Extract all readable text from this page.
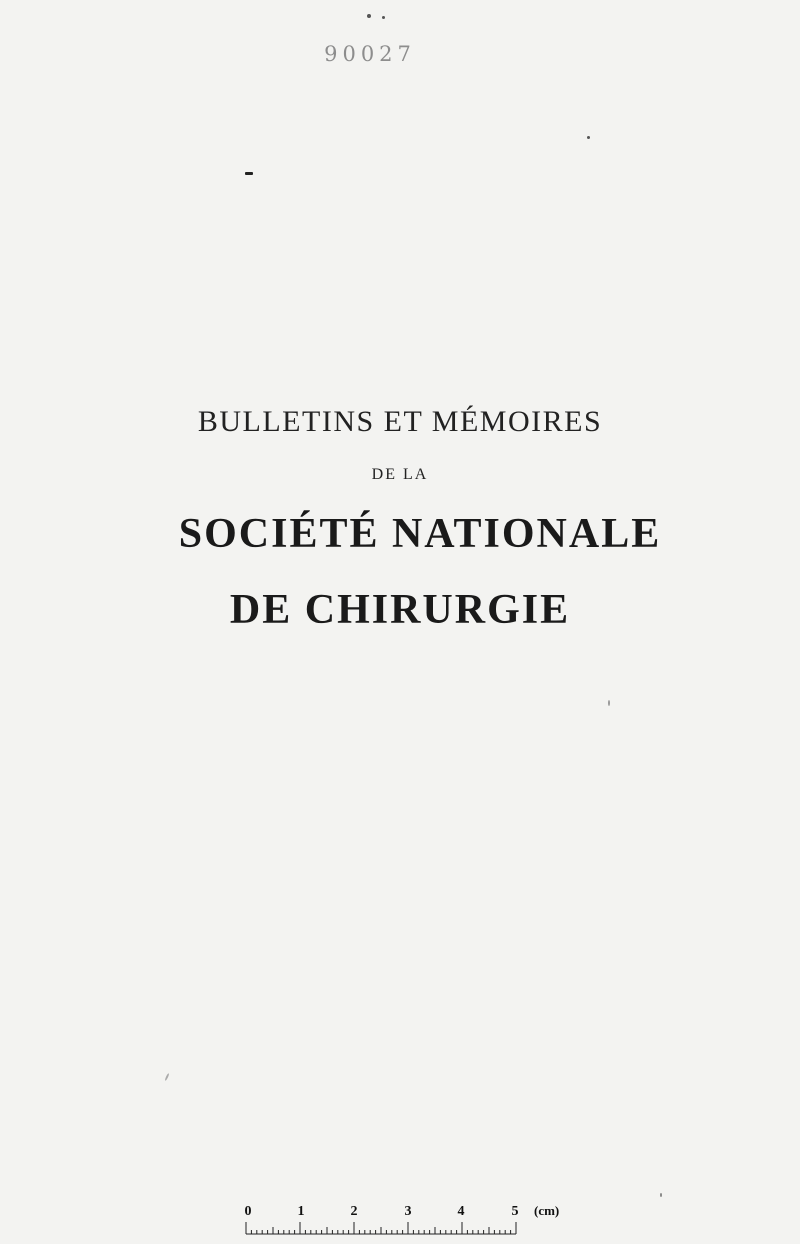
90027
BULLETINS ET MÉMOIRES
DE LA
SOCIÉTÉ NATIONALE
DE CHIRURGIE
0	1	2	3	4	5 (cm)
